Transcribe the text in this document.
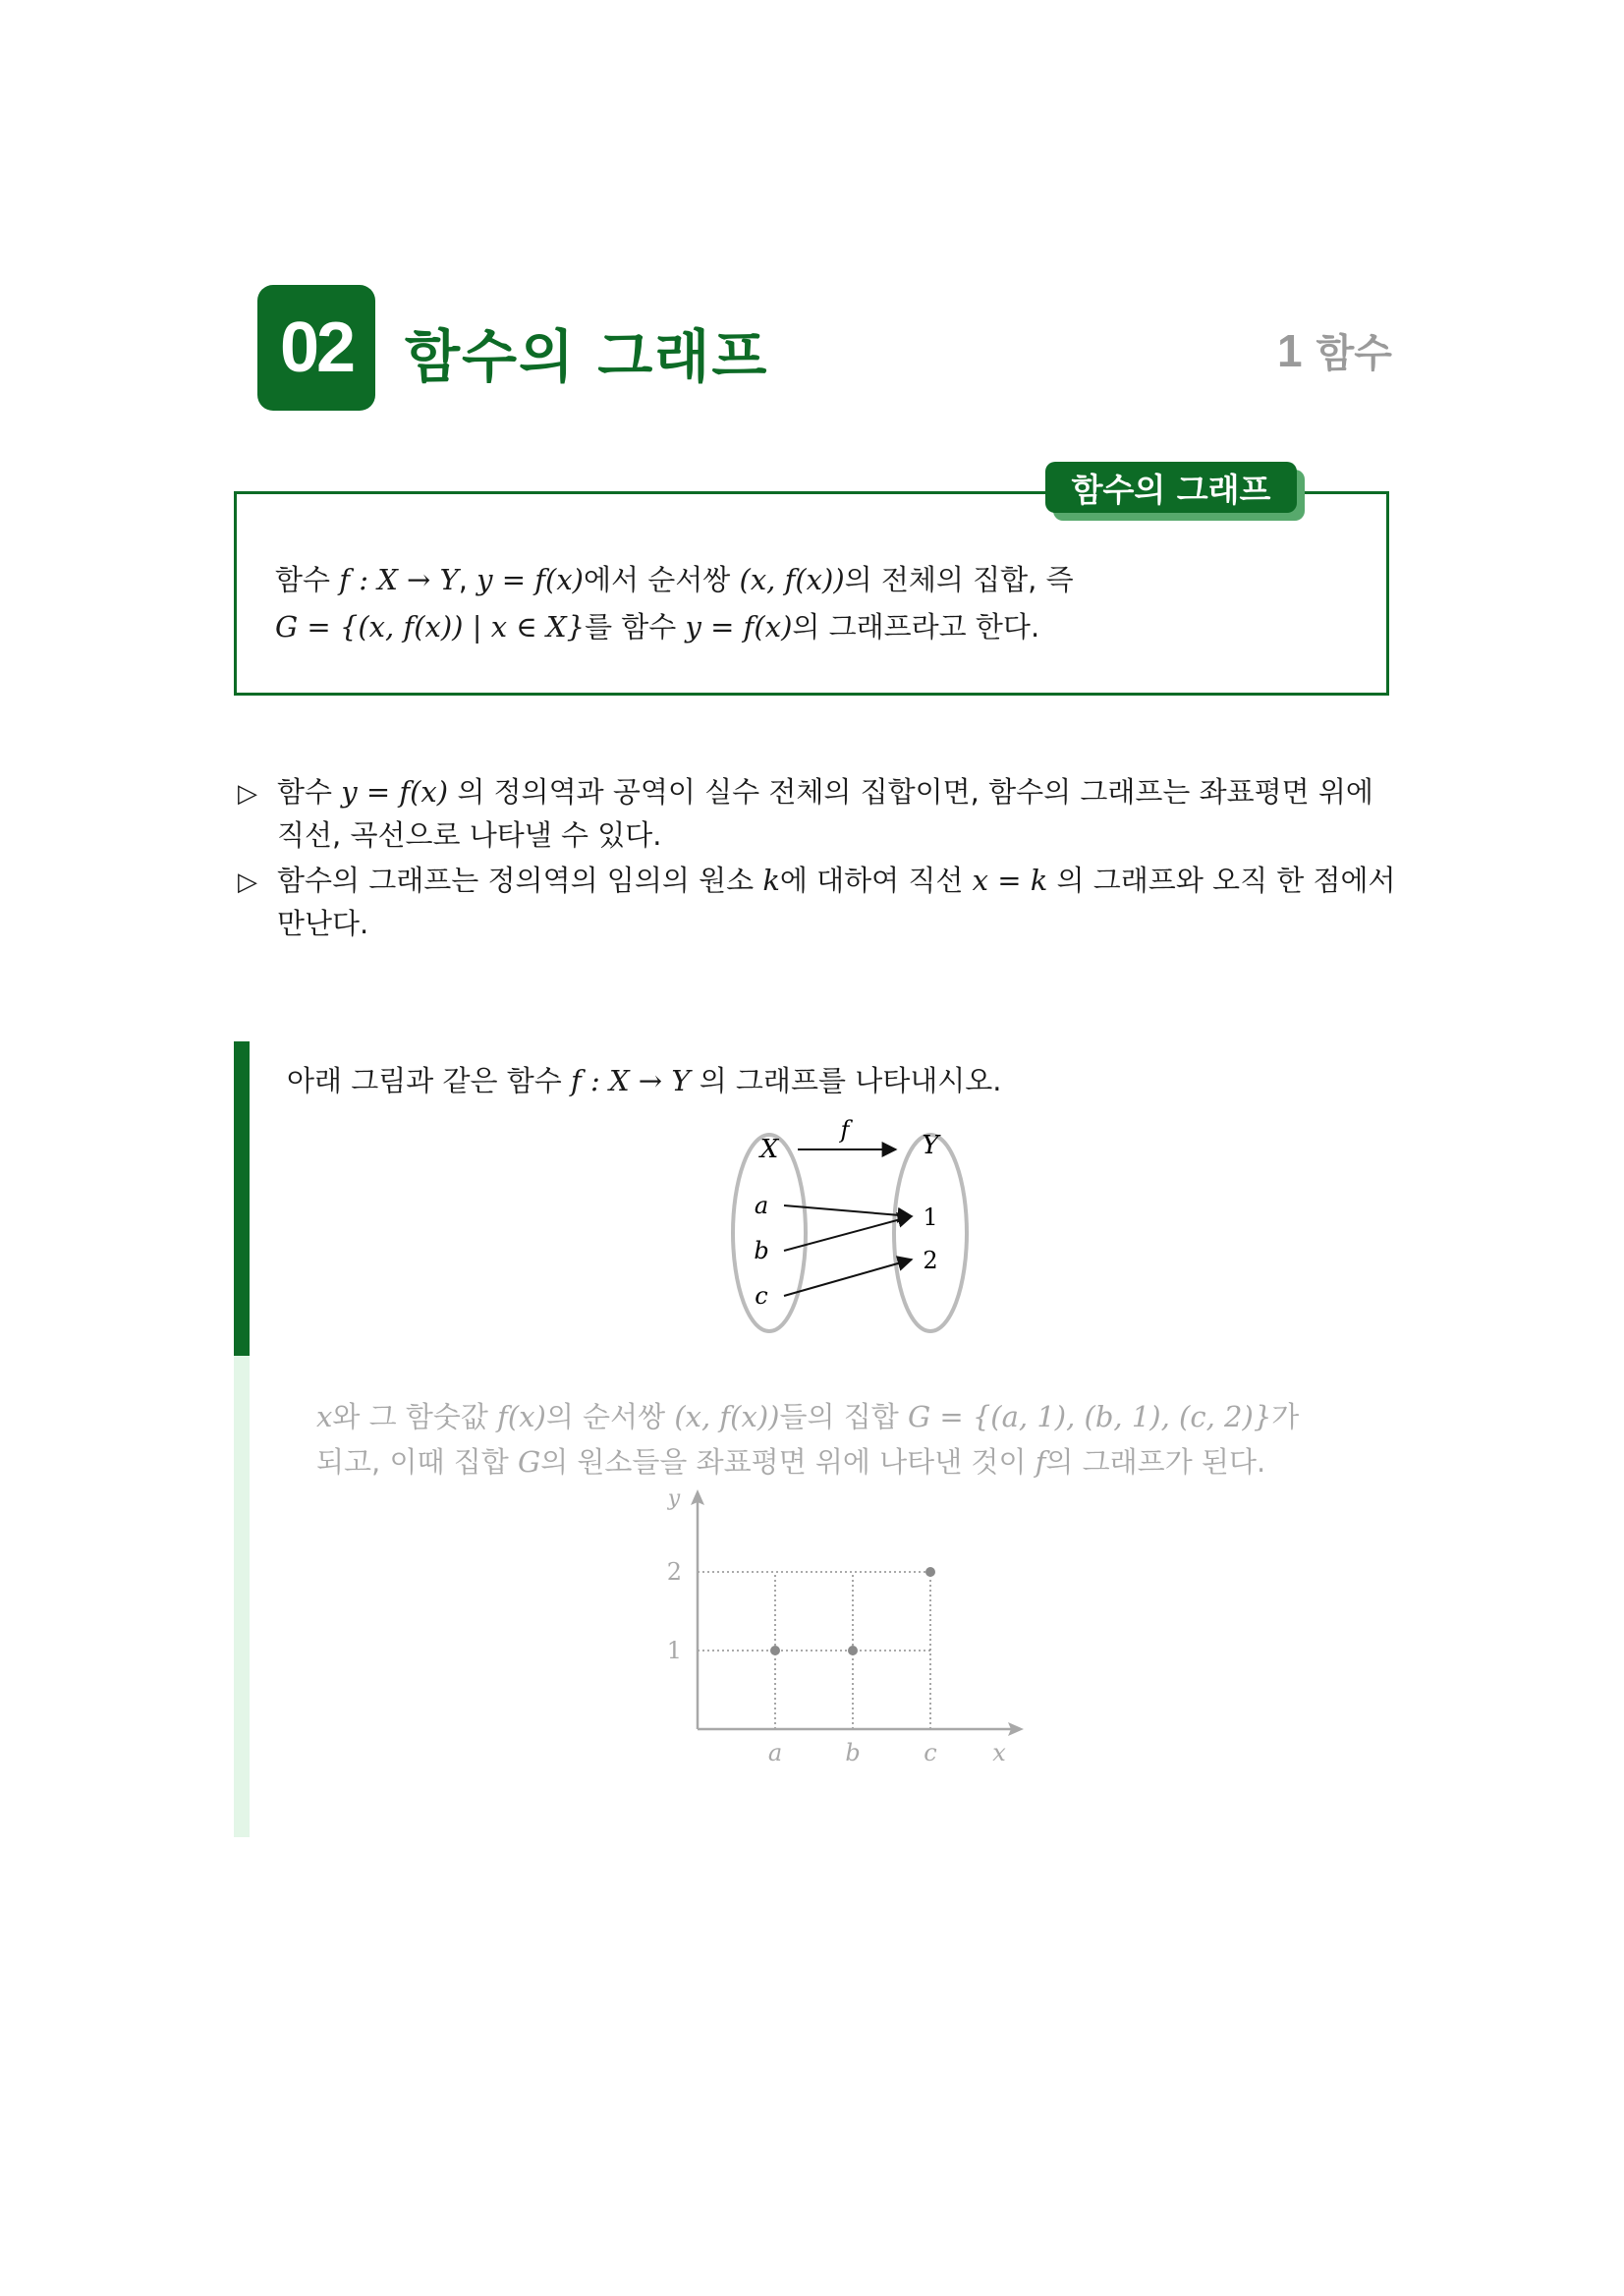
02 함수의 그래프	1 함수
함수의 그래프
함수 f : X → Y, y = f(x)에서 순서쌍 (x, f(x))의 전체의 집합, 즉
G = {(x, f(x)) | x ∈ X}를 함수 y = f(x)의 그래프라고 한다.
▷ 함수 y = f(x) 의 정의역과 공역이 실수 전체의 집합이면, 함수의 그래프는 좌표평면 위에
직선, 곡선으로 나타낼 수 있다.
▷ 함수의 그래프는 정의역의 임의의 원소 k에 대하여 직선 x = k 의 그래프와 오직 한 점에서
만난다.
아래 그림과 같은 함수 f : X → Y 의 그래프를 나타내시오.
X	Y
f
a
b
c
1
2
x와 그 함숫값 f(x)의 순서쌍 (x, f(x))들의 집합 G = {(a, 1), (b, 1), (c, 2)}가
되고, 이때 집합 G의 원소들을 좌표평면 위에 나타낸 것이 f의 그래프가 된다.
a	b	c
1
2
x
y
